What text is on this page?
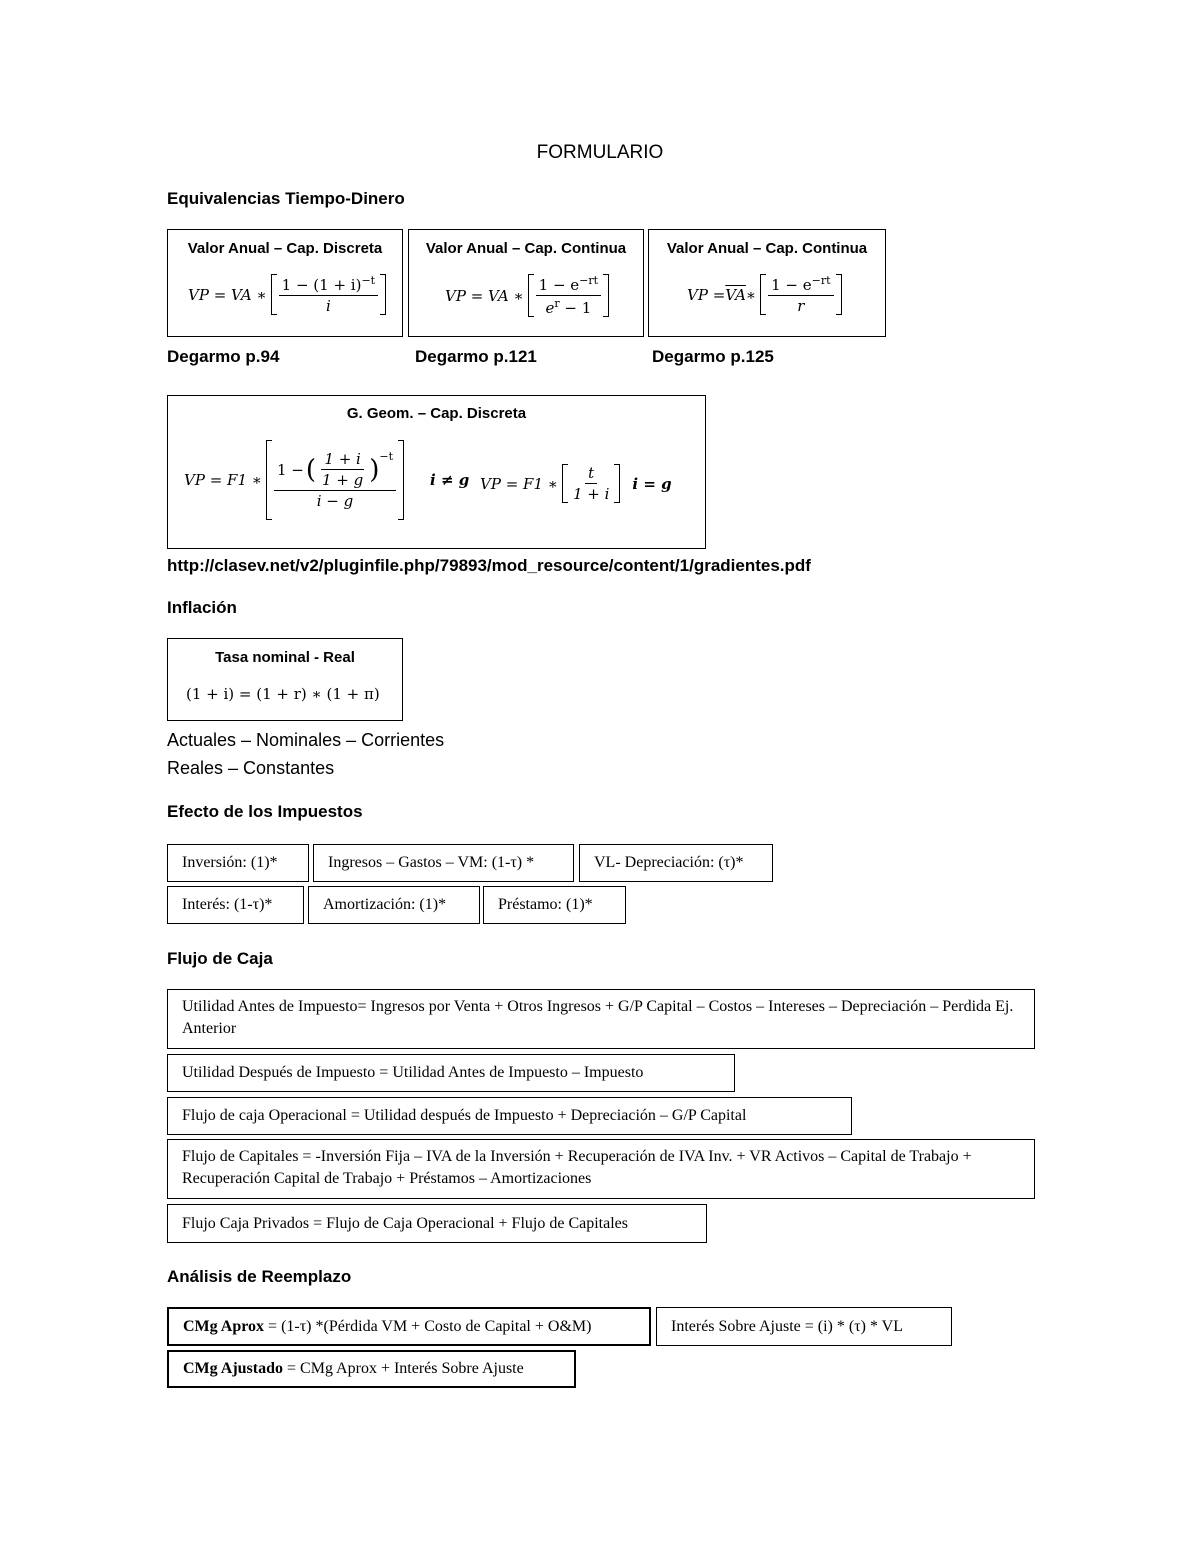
FORMULARIO
Equivalencias Tiempo-Dinero
Valor Anual – Cap. Discreta
VP = VA ∗ $\frac{1 - (1 + i)^{-t}}{i}$
Valor Anual – Cap. Continua
VP = VA ∗ $\frac{1 - e^{-rt}}{e^r - 1}$
Valor Anual – Cap. Continua
VP = $\overline{VA}$ ∗ $\frac{1 - e^{-rt}}{r}$
Degarmo p.94	Degarmo p.121	Degarmo p.125
G. Geom. – Cap. Discreta
VP = F1 ∗
1 − ( $\frac{1 + i}{1 + g}$ ) −t
i − g
i ≠ g VP = F1 ∗ $\frac{t}{1 + i}$ i = g
http://clasev.net/v2/pluginfile.php/79893/mod_resource/content/1/gradientes.pdf
Inflación
Tasa nominal - Real
(1 + i) = (1 + r) ∗ (1 + π)
Actuales – Nominales – Corrientes
Reales – Constantes
Efecto de los Impuestos
Inversión: (1)*	Ingresos – Gastos – VM: (1-τ) *	VL- Depreciación: (τ)*
Interés: (1-τ)*	Amortización: (1)*	Préstamo: (1)*
Flujo de Caja
Utilidad Antes de Impuesto= Ingresos por Venta + Otros Ingresos + G/P Capital – Costos – Intereses – Depreciación – Perdida Ej. Anterior
Utilidad Después de Impuesto = Utilidad Antes de Impuesto – Impuesto
Flujo de caja Operacional = Utilidad después de Impuesto + Depreciación – G/P Capital
Flujo de Capitales = -Inversión Fija – IVA de la Inversión + Recuperación de IVA Inv. + VR Activos – Capital de Trabajo + Recuperación Capital de Trabajo + Préstamos – Amortizaciones
Flujo Caja Privados = Flujo de Caja Operacional + Flujo de Capitales
Análisis de Reemplazo
CMg Aprox = (1-τ) *(Pérdida VM + Costo de Capital + O&M)	Interés Sobre Ajuste = (i) * (τ) * VL
CMg Ajustado = CMg Aprox + Interés Sobre Ajuste
